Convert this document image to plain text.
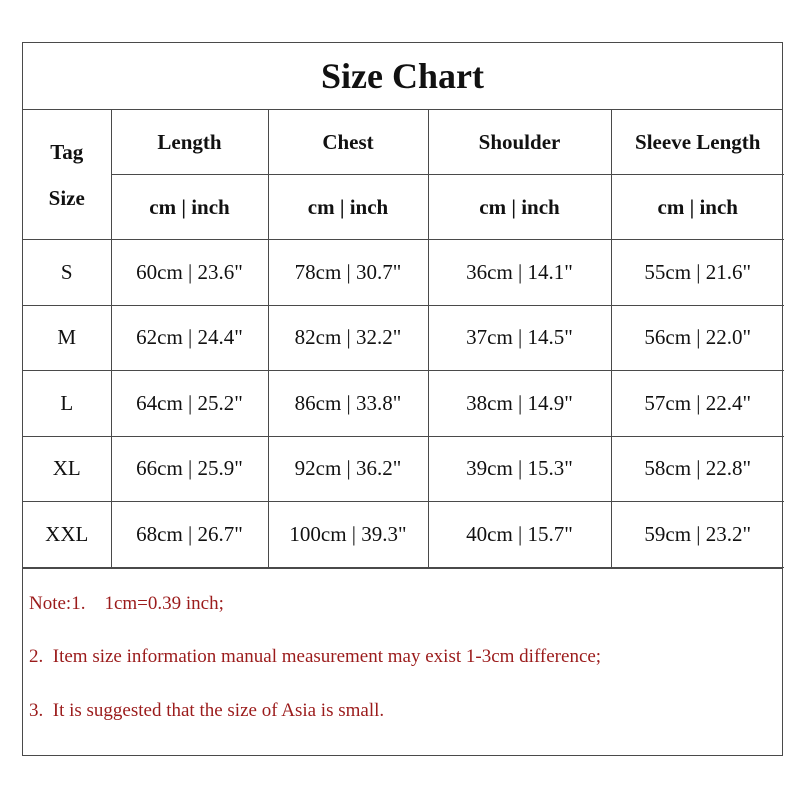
Size Chart
Tag
Size	Length	Chest	Shoulder	Sleeve Length
	cm | inch	cm | inch	cm | inch	cm | inch
S	60cm | 23.6"	78cm | 30.7"	36cm | 14.1"	55cm | 21.6"
M	62cm | 24.4"	82cm | 32.2"	37cm | 14.5"	56cm | 22.0"
L	64cm | 25.2"	86cm | 33.8"	38cm | 14.9"	57cm | 22.4"
XL	66cm | 25.9"	92cm | 36.2"	39cm | 15.3"	58cm | 22.8"
XXL	68cm | 26.7"	100cm | 39.3"	40cm | 15.7"	59cm | 23.2"
Note:1.    1cm=0.39 inch;
2.  Item size information manual measurement may exist 1-3cm difference;
3.  It is suggested that the size of Asia is small.
